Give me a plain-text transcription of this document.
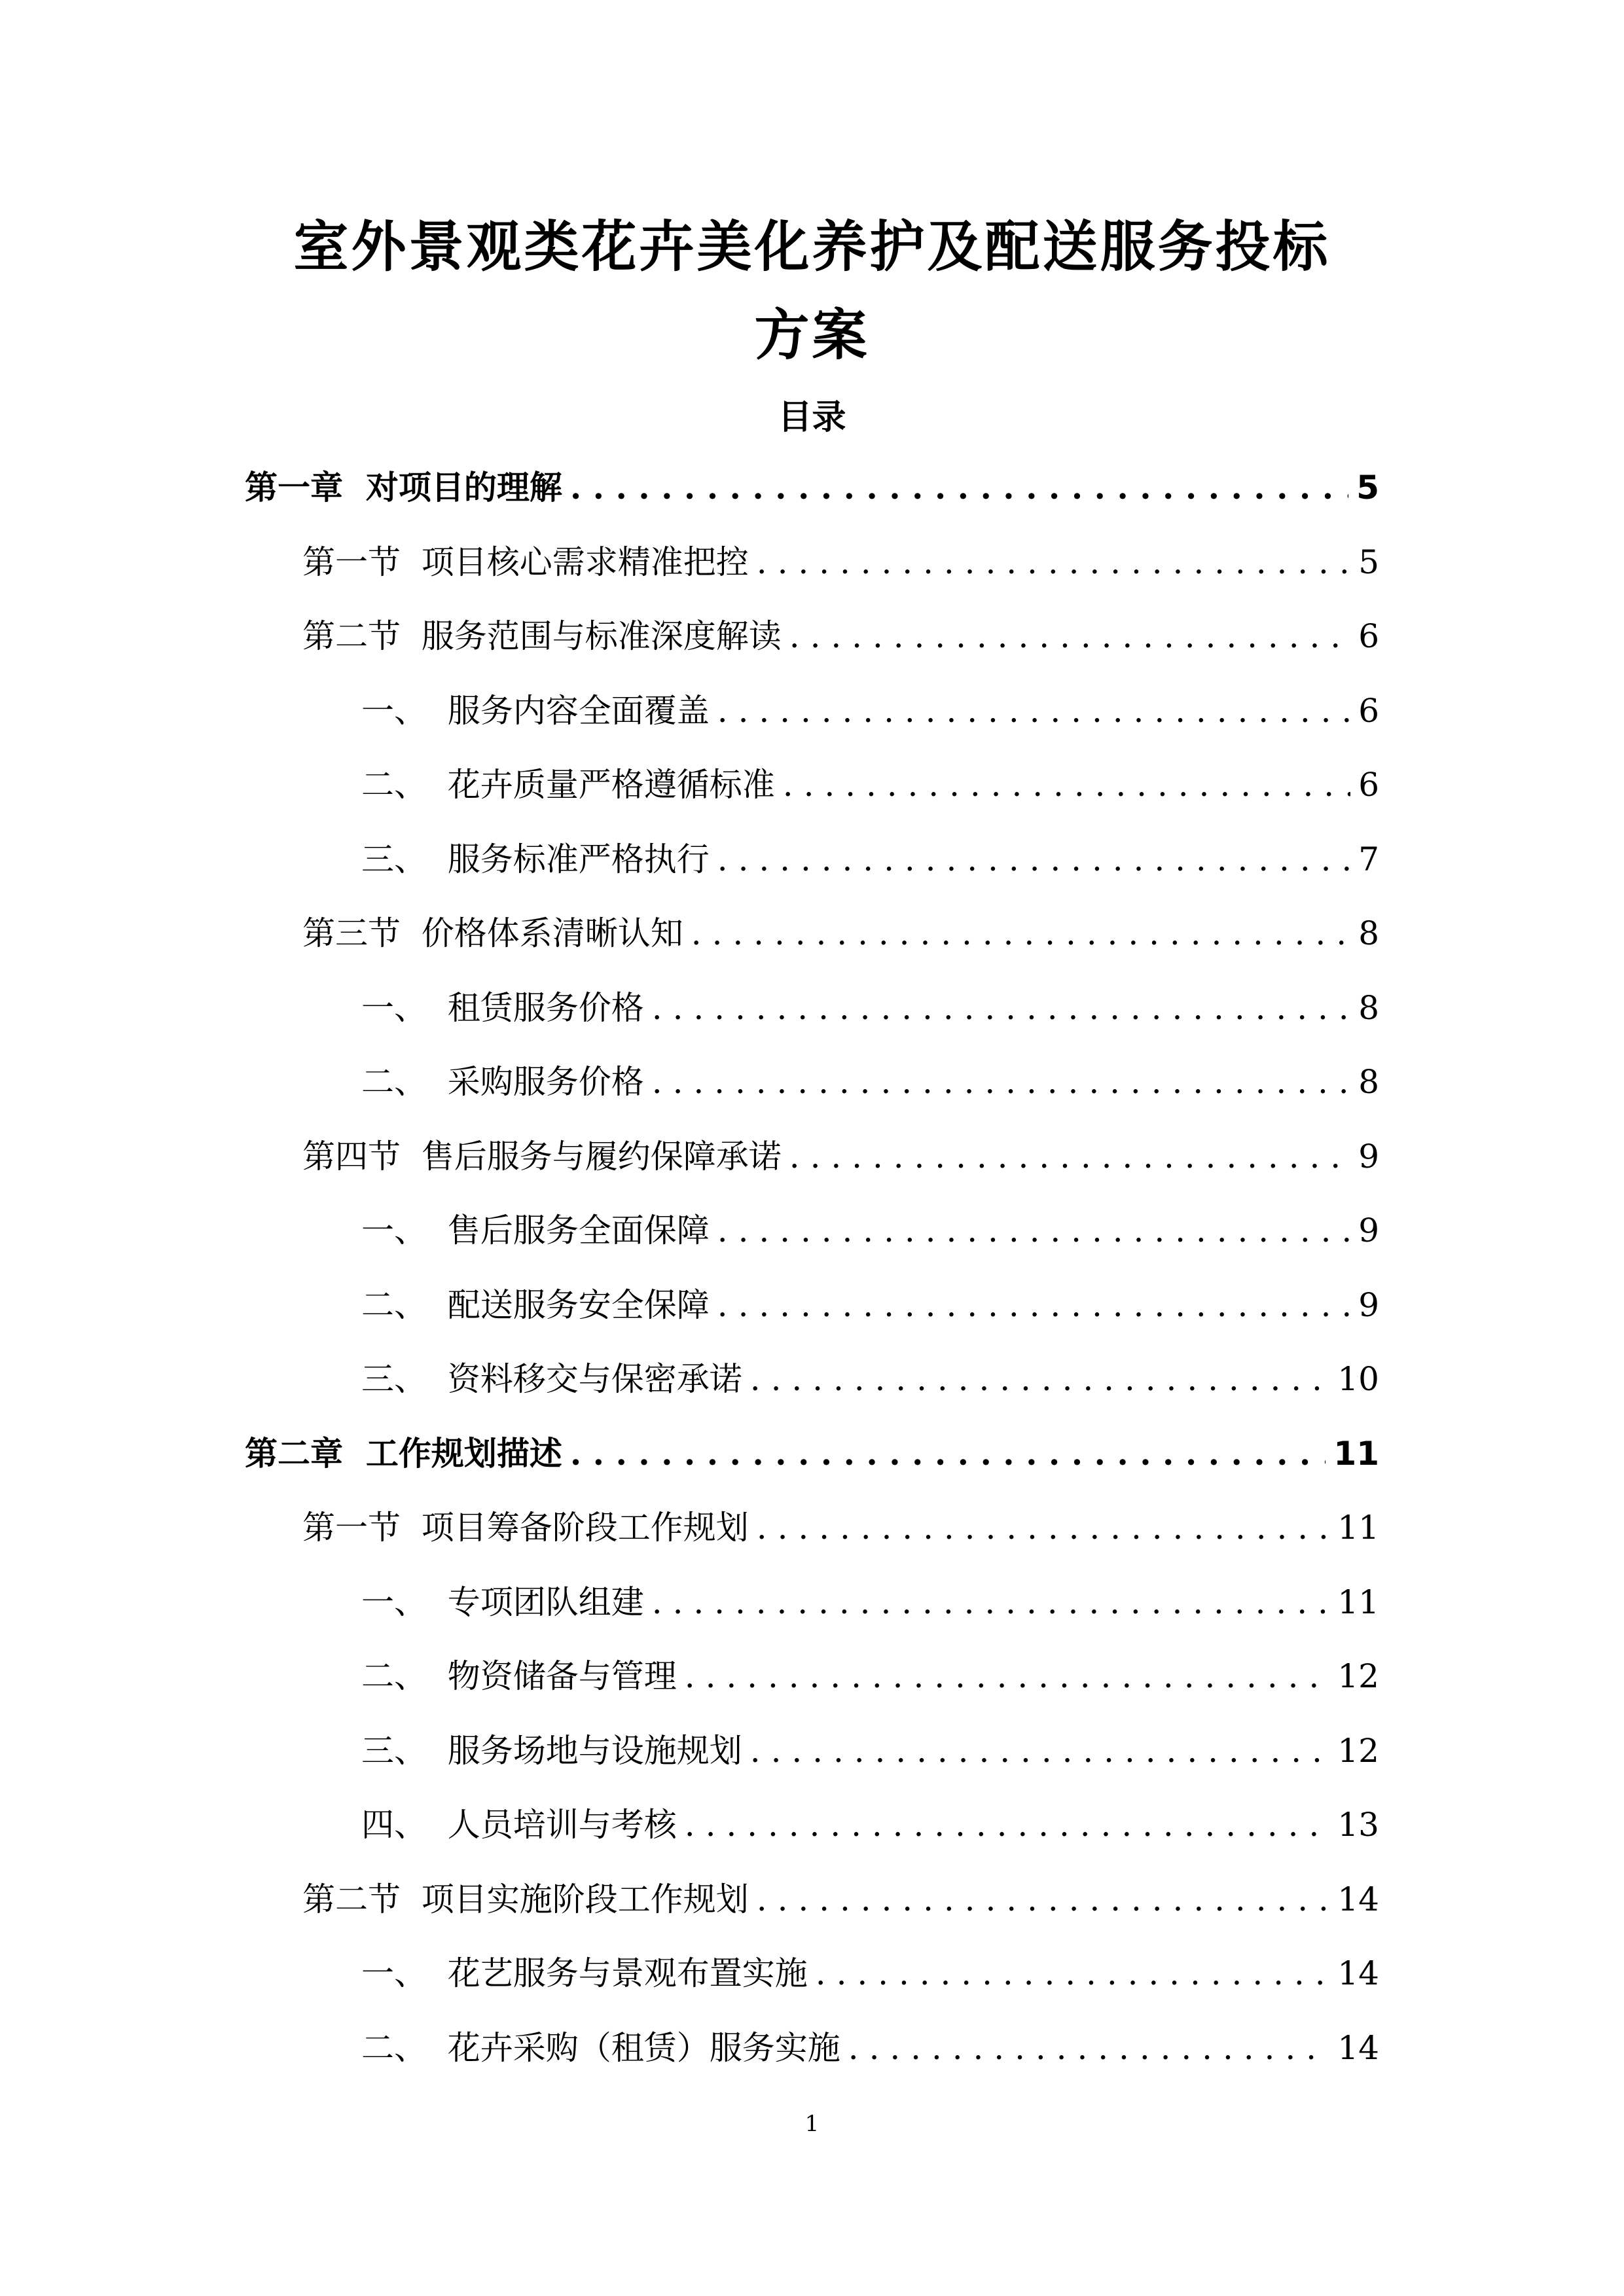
室外景观类花卉美化养护及配送服务投标
方案
目录
第一章  对项目的理解 . . .	5
第一节  项目核心需求精准把控 . . .	5
第二节  服务范围与标准深度解读 . . .	6
一、  服务内容全面覆盖 . . .	6
二、  花卉质量严格遵循标准 . . .	6
三、  服务标准严格执行 . . .	7
第三节  价格体系清晰认知 . . .	8
一、  租赁服务价格 . . .	8
二、  采购服务价格 . . .	8
第四节  售后服务与履约保障承诺 . . .	9
一、  售后服务全面保障 . . .	9
二、  配送服务安全保障 . . .	9
三、  资料移交与保密承诺 . . .	10
第二章  工作规划描述 . . .	11
第一节  项目筹备阶段工作规划 . . .	11
一、  专项团队组建 . . .	11
二、  物资储备与管理 . . .	12
三、  服务场地与设施规划 . . .	12
四、  人员培训与考核 . . .	13
第二节  项目实施阶段工作规划 . . .	14
一、  花艺服务与景观布置实施 . . .	14
二、  花卉采购（租赁）服务实施 . . .	14
1
